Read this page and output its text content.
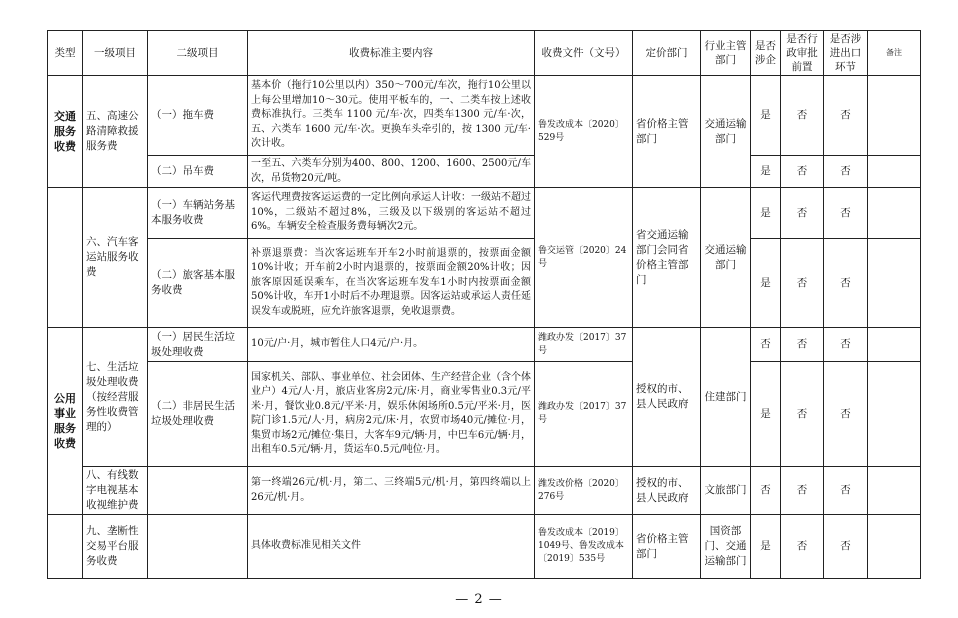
类型	一级项目	二级项目	收费标准主要内容	收费文件（文号）	定价部门	行业主管部门	是否涉企	是否行政审批前置	是否涉进出口环节	备注
交通服务收费	五、高速公路清障救援服务费	（一）拖车费	基本价（拖行10公里以内）350～700元/车次，拖行10公里以上每公里增加10～30元。使用平板车的，一、二类车按上述收费标准执行。三类车 1100 元/车·次，四类车1300 元/车·次，五、六类车 1600 元/车·次。更换车头牵引的，按 1300 元/车·次计收。	鲁发改成本〔2020〕529号	省价格主管部门	交通运输部门	是	否	否	
		（二）吊车费	一至五、六类车分别为400、800、1200、1600、2500元/车次，吊货物20元/吨。				是	否	否	
	六、汽车客运站服务收费	（一）车辆站务基本服务收费	客运代理费按客运运费的一定比例向承运人计收：一级站不超过10%，二级站不超过8%，三级及以下级别的客运站不超过6%。车辆安全检查服务费每辆次2元。	鲁交运管〔2020〕24号	省交通运输部门会同省价格主管部门	交通运输部门	是	否	否	
		（二）旅客基本服务收费	补票退票费：当次客运班车开车2小时前退票的，按票面金额10%计收；开车前2小时内退票的，按票面金额20%计收；因旅客原因延误乘车，在当次客运班车发车1小时内按票面金额50%计收，车开1小时后不办理退票。因客运站或承运人责任延误发车或脱班，应允许旅客退票，免收退票费。				是	否	否	
公用事业服务收费	七、生活垃圾处理收费（按经营服务性收费管理的）	（一）居民生活垃圾处理收费	10元/户·月，城市暂住人口4元/户·月。	潍政办发〔2017〕37号	授权的市、县人民政府	住建部门	否	否	否	
		（二）非居民生活垃圾处理收费	国家机关、部队、事业单位、社会团体、生产经营企业（含个体业户）4元/人·月，旅店业客房2元/床·月，商业零售业0.3元/平米·月，餐饮业0.8元/平米·月，娱乐休闲场所0.5元/平米·月，医院门诊1.5元/人·月，病房2元/床·月，农贸市场40元/摊位·月，集贸市场2元/摊位·集日，大客车9元/辆·月，中巴车6元/辆·月，出租车0.5元/辆·月，货运车0.5元/吨位·月。	潍政办发〔2017〕37号			是	否	否	
	八、有线数字电视基本收视维护费		第一终端26元/机·月，第二、三终端5元/机·月，第四终端以上26元/机·月。	潍发改价格〔2020〕276号	授权的市、县人民政府	文旅部门	否	否	否	
	九、垄断性交易平台服务收费		具体收费标准见相关文件	鲁发改成本〔2019〕1049号、鲁发改成本〔2019〕535号	省价格主管部门	国资部门、交通运输部门	是	否	否	
— 2 —
